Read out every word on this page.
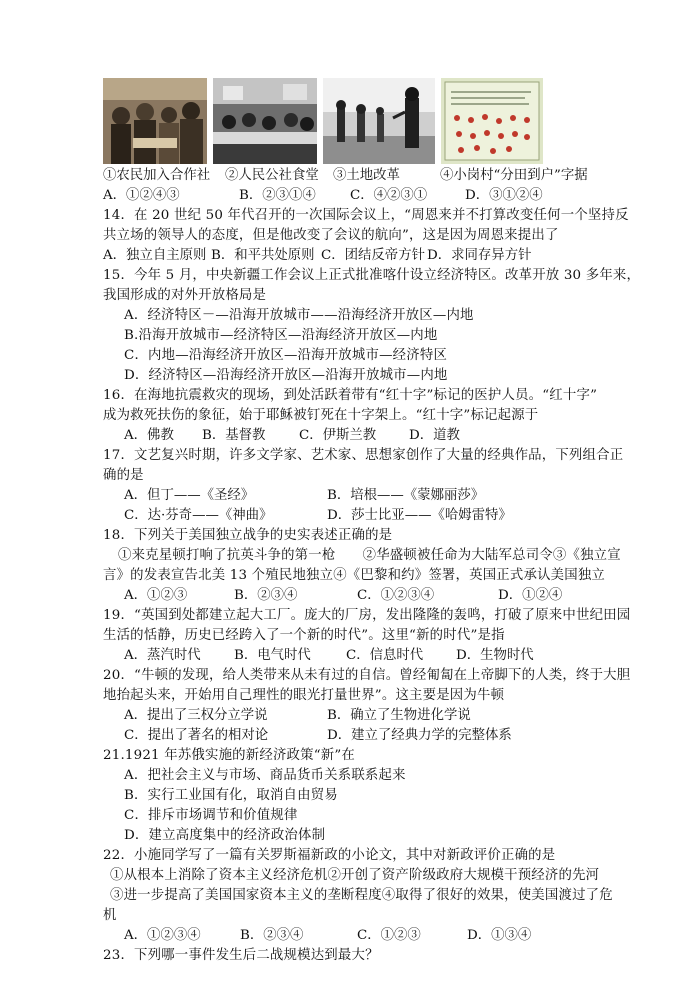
①农民加入合作社 ②人民公社食堂 ③土地改革	④小岗村“分田到户”字据
A．①②④③	B．②③①④	C．④②③①	D．③①②④
14．在 20 世纪 50 年代召开的一次国际会议上，“周恩来并不打算改变任何一个坚持反
共立场的领导人的态度，但是他改变了会议的航向”，这是因为周恩来提出了
A．独立自主原则 B．和平共处原则 C．团结反帝方针 D．求同存异方针
15．今年 5 月，中央新疆工作会议上正式批准喀什设立经济特区。改革开放 30 多年来，
我国形成的对外开放格局是
A．经济特区－—沿海开放城市——沿海经济开放区—内地
B.沿海开放城市—经济特区—沿海经济开放区—内地
C．内地—沿海经济开放区—沿海开放城市—经济特区
D．经济特区—沿海经济开放区—沿海开放城市—内地
16．在海地抗震救灾的现场，到处活跃着带有“红十字”标记的医护人员。“红十字”
成为救死扶伤的象征，始于耶稣被钉死在十字架上。“红十字”标记起源于
A．佛教 B．基督教	C．伊斯兰教 D．道教
17．文艺复兴时期，许多文学家、艺术家、思想家创作了大量的经典作品，下列组合正
确的是
A．但丁——《圣经》	B．培根——《蒙娜丽莎》
C．达·芬奇——《神曲》	D．莎士比亚——《哈姆雷特》
18．下列关于美国独立战争的史实表述正确的是
①来克星顿打响了抗英斗争的第一枪　　②华盛顿被任命为大陆军总司令③《独立宣
言》的发表宣告北美 13 个殖民地独立④《巴黎和约》签署，英国正式承认美国独立
A．①②③	B．②③④	C．①②③④	D．①②④
19．“英国到处都建立起大工厂。庞大的厂房，发出隆隆的轰鸣，打破了原来中世纪田园
生活的恬静，历史已经跨入了一个新的时代”。这里“新的时代”是指
A．蒸汽时代 B．电气时代	C．信息时代 D．生物时代
20．“牛顿的发现，给人类带来从未有过的自信。曾经匍匐在上帝脚下的人类，终于大胆
地抬起头来，开始用自己理性的眼光打量世界”。这主要是因为牛顿
A．提出了三权分立学说	B．确立了生物进化学说
C．提出了著名的相对论	D．建立了经典力学的完整体系
21.1921 年苏俄实施的新经济政策“新”在
A．把社会主义与市场、商品货币关系联系起来
B．实行工业国有化，取消自由贸易
C．排斥市场调节和价值规律
D．建立高度集中的经济政治体制
22．小施同学写了一篇有关罗斯福新政的小论文，其中对新政评价正确的是
①从根本上消除了资本主义经济危机②开创了资产阶级政府大规模干预经济的先河
③进一步提高了美国国家资本主义的垄断程度④取得了很好的效果，使美国渡过了危
机
A．①②③④	B．②③④	C．①②③	D．①③④
23．下列哪一事件发生后二战规模达到最大？
